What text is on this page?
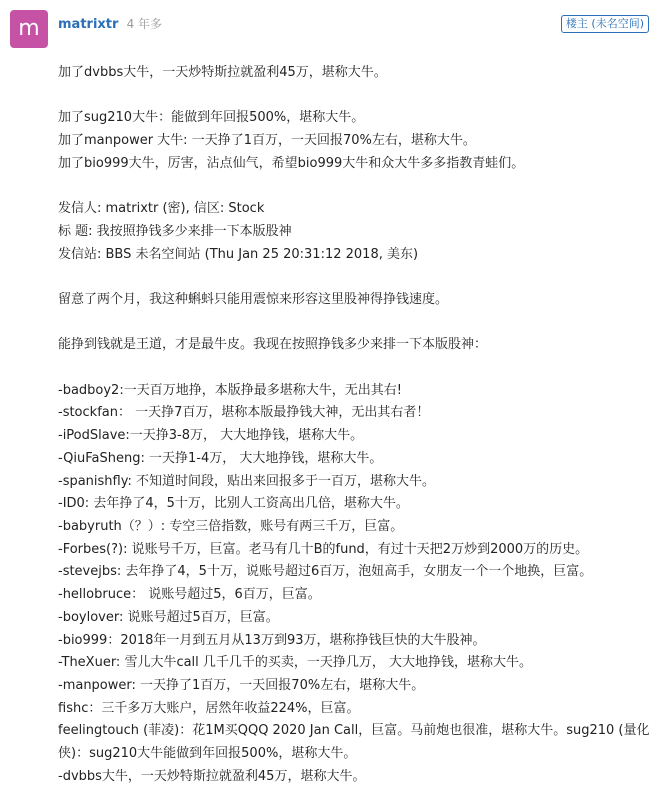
m	matrixtr 4 年多	楼主 (未名空间)
加了dvbbs大牛，一天炒特斯拉就盈利45万，堪称大牛。
加了sug210大牛：能做到年回报500%，堪称大牛。
加了manpower 大牛: 一天挣了1百万，一天回报70%左右，堪称大牛。
加了bio999大牛，厉害，沾点仙气，希望bio999大牛和众大牛多多指教青蛙们。
发信人: matrixtr (密), 信区: Stock
标 题: 我按照挣钱多少来排一下本版股神
发信站: BBS 未名空间站 (Thu Jan 25 20:31:12 2018, 美东)
留意了两个月，我这种蝌蚪只能用震惊来形容这里股神得挣钱速度。
能挣到钱就是王道，才是最牛皮。我现在按照挣钱多少来排一下本版股神：
-badboy2:一天百万地挣，本版挣最多堪称大牛，无出其右!
-stockfan： 一天挣7百万，堪称本版最挣钱大神，无出其右者！
-iPodSlave:一天挣3-8万， 大大地挣钱，堪称大牛。
-QiuFaSheng: 一天挣1-4万， 大大地挣钱，堪称大牛。
-spanishfly: 不知道时间段，贴出来回报多于一百万，堪称大牛。
-ID0: 去年挣了4，5十万，比别人工资高出几倍，堪称大牛。
-babyruth（？）: 专空三倍指数，账号有两三千万，巨富。
-Forbes(?): 说账号千万，巨富。老马有几十B的fund，有过十天把2万炒到2000万的历史。
-stevejbs: 去年挣了4，5十万，说账号超过6百万，泡妞高手，女朋友一个一个地换，巨富。
-hellobruce： 说账号超过5，6百万，巨富。
-boylover: 说账号超过5百万，巨富。
-bio999：2018年一月到五月从13万到93万，堪称挣钱巨快的大牛股神。
-TheXuer: 雪儿大牛call 几千几千的买卖，一天挣几万， 大大地挣钱，堪称大牛。
-manpower: 一天挣了1百万，一天回报70%左右，堪称大牛。
fishc：三千多万大账户，居然年收益224%，巨富。
feelingtouch (菲凌)：花1M买QQQ 2020 Jan Call，巨富。马前炮也很准，堪称大牛。sug210 (量化侠)：sug210大牛能做到年回报500%，堪称大牛。
-dvbbs大牛，一天炒特斯拉就盈利45万，堪称大牛。
